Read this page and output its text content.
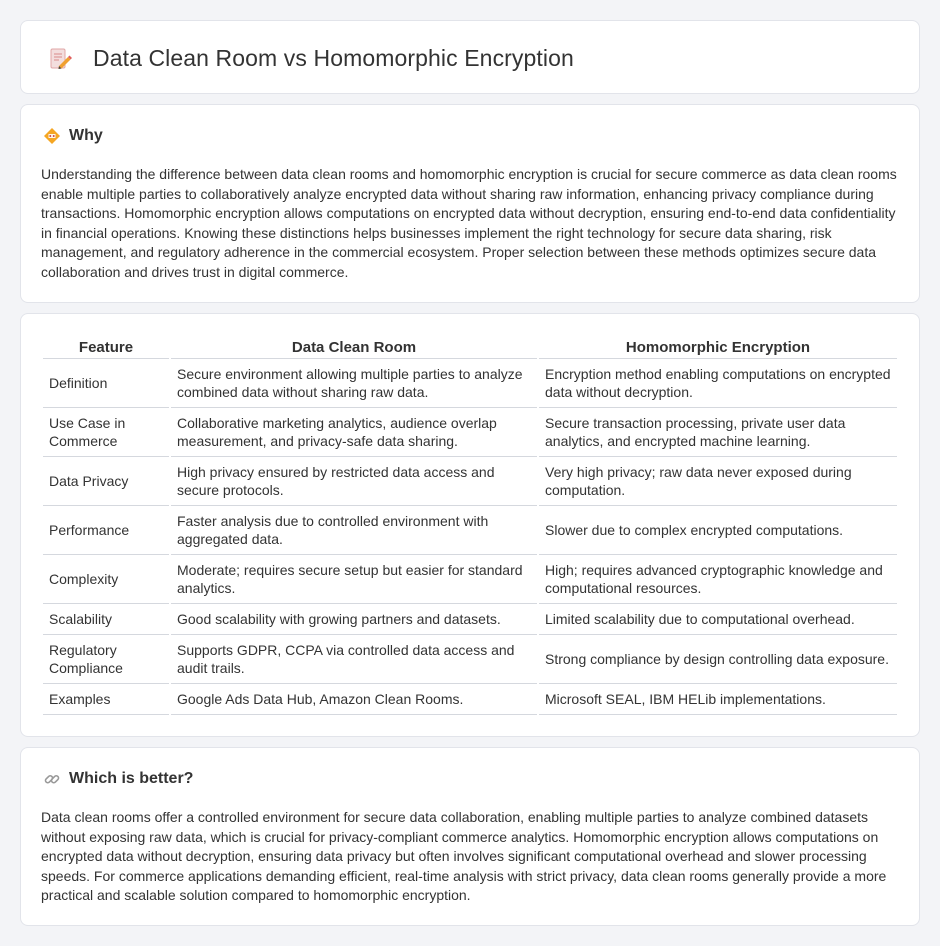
Data Clean Room vs Homomorphic Encryption
Why

Understanding the difference between data clean rooms and homomorphic encryption is crucial for secure commerce as data clean rooms enable multiple parties to collaboratively analyze encrypted data without sharing raw information, enhancing privacy compliance during transactions. Homomorphic encryption allows computations on encrypted data without decryption, ensuring end-to-end data confidentiality in financial operations. Knowing these distinctions helps businesses implement the right technology for secure data sharing, risk management, and regulatory adherence in the commercial ecosystem. Proper selection between these methods optimizes secure data collaboration and drives trust in digital commerce.

Feature	Data Clean Room	Homomorphic Encryption
Definition	Secure environment allowing multiple parties to analyze combined data without sharing raw data.	Encryption method enabling computations on encrypted data without decryption.
Use Case in Commerce	Collaborative marketing analytics, audience overlap measurement, and privacy-safe data sharing.	Secure transaction processing, private user data analytics, and encrypted machine learning.
Data Privacy	High privacy ensured by restricted data access and secure protocols.	Very high privacy; raw data never exposed during computation.
Performance	Faster analysis due to controlled environment with aggregated data.	Slower due to complex encrypted computations.
Complexity	Moderate; requires secure setup but easier for standard analytics.	High; requires advanced cryptographic knowledge and computational resources.
Scalability	Good scalability with growing partners and datasets.	Limited scalability due to computational overhead.
Regulatory Compliance	Supports GDPR, CCPA via controlled data access and audit trails.	Strong compliance by design controlling data exposure.
Examples	Google Ads Data Hub, Amazon Clean Rooms.	Microsoft SEAL, IBM HELib implementations.
Which is better?

Data clean rooms offer a controlled environment for secure data collaboration, enabling multiple parties to analyze combined datasets without exposing raw data, which is crucial for privacy-compliant commerce analytics. Homomorphic encryption allows computations on encrypted data without decryption, ensuring data privacy but often involves significant computational overhead and slower processing speeds. For commerce applications demanding efficient, real-time analysis with strict privacy, data clean rooms generally provide a more practical and scalable solution compared to homomorphic encryption.
